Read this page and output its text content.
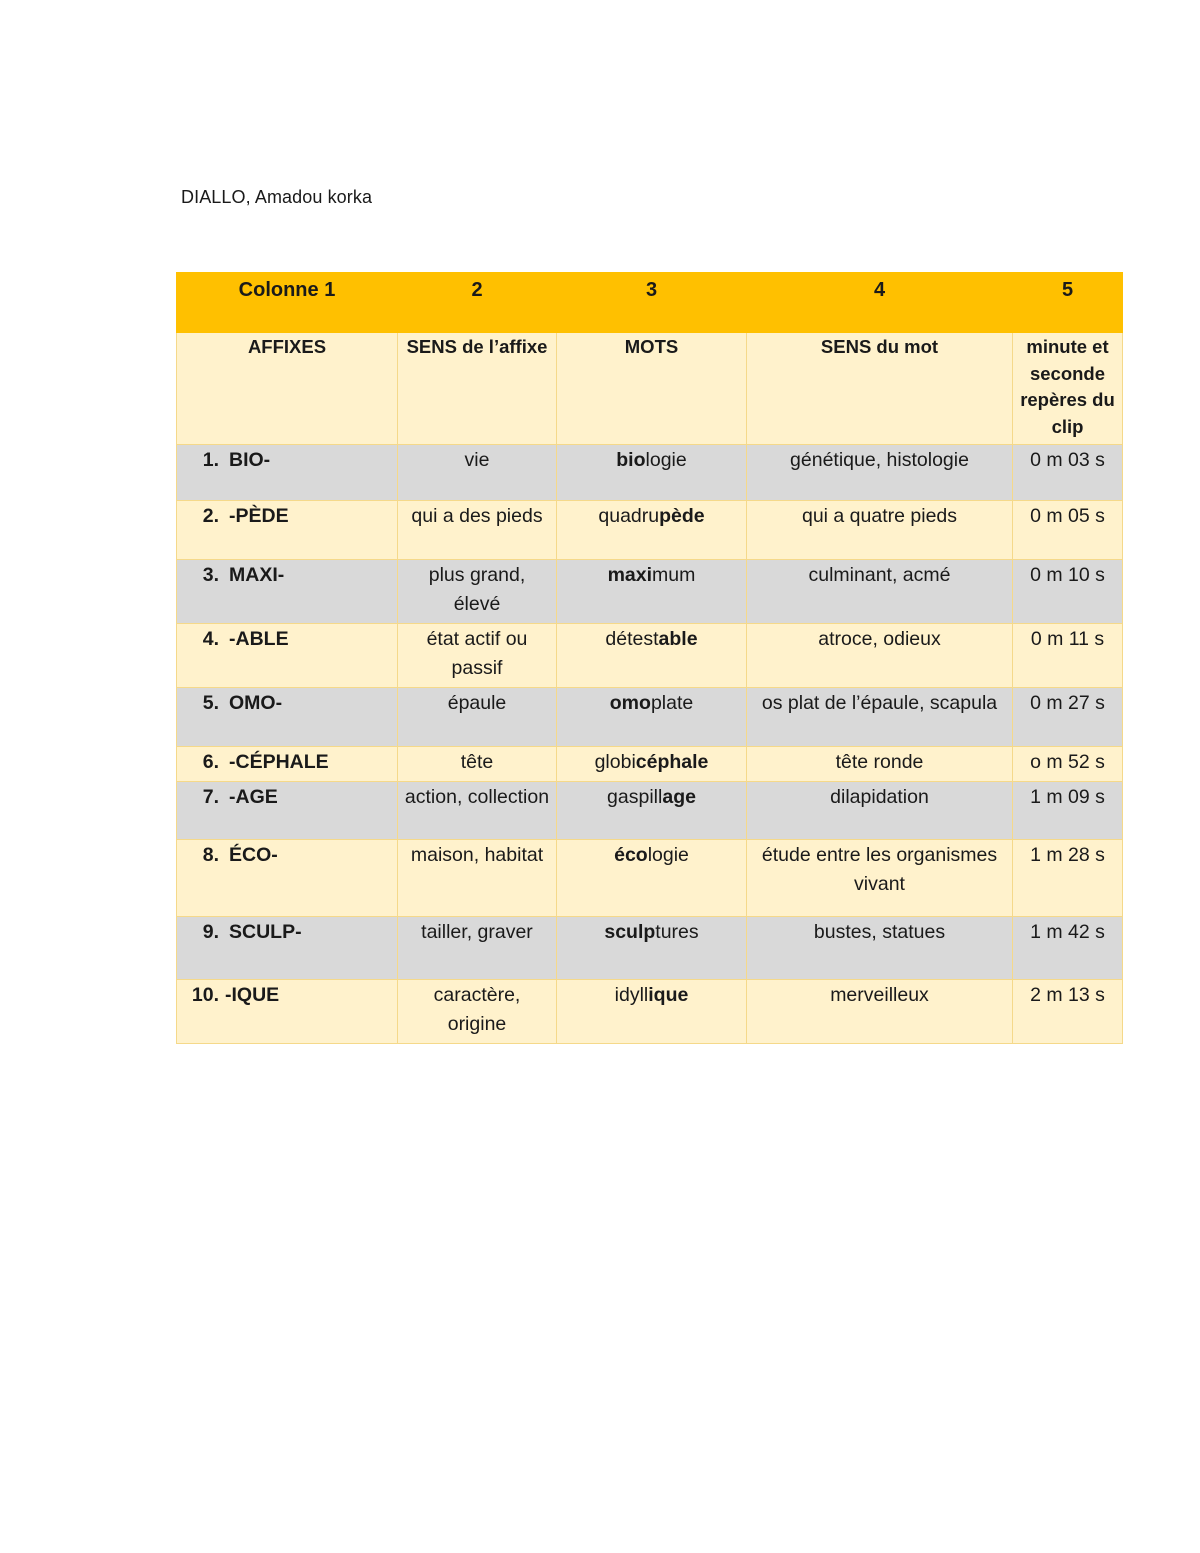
DIALLO, Amadou korka
Colonne 1	2	3	4	5
AFFIXES	SENS de l’affixe	MOTS	SENS du mot	minute et seconde repères du clip
1. BIO-	vie	biologie	génétique, histologie	0 m 03 s
2. -PÈDE	qui a des pieds	quadrupède	qui a quatre pieds	0 m 05 s
3. MAXI-	plus grand, élevé	maximum	culminant, acmé	0 m 10 s
4. -ABLE	état actif ou passif	détestable	atroce, odieux	0 m 11 s
5. OMO-	épaule	omoplate	os plat de l’épaule, scapula	0 m 27 s
6. -CÉPHALE	tête	globicéphale	tête ronde	o m 52 s
7. -AGE	action, collection	gaspillage	dilapidation	1 m 09 s
8. ÉCO-	maison, habitat	écologie	étude entre les organismes vivant	1 m 28 s
9. SCULP-	tailler, graver	sculptures	bustes, statues	1 m 42 s
10. -IQUE	caractère, origine	idyllique	merveilleux	2 m 13 s
